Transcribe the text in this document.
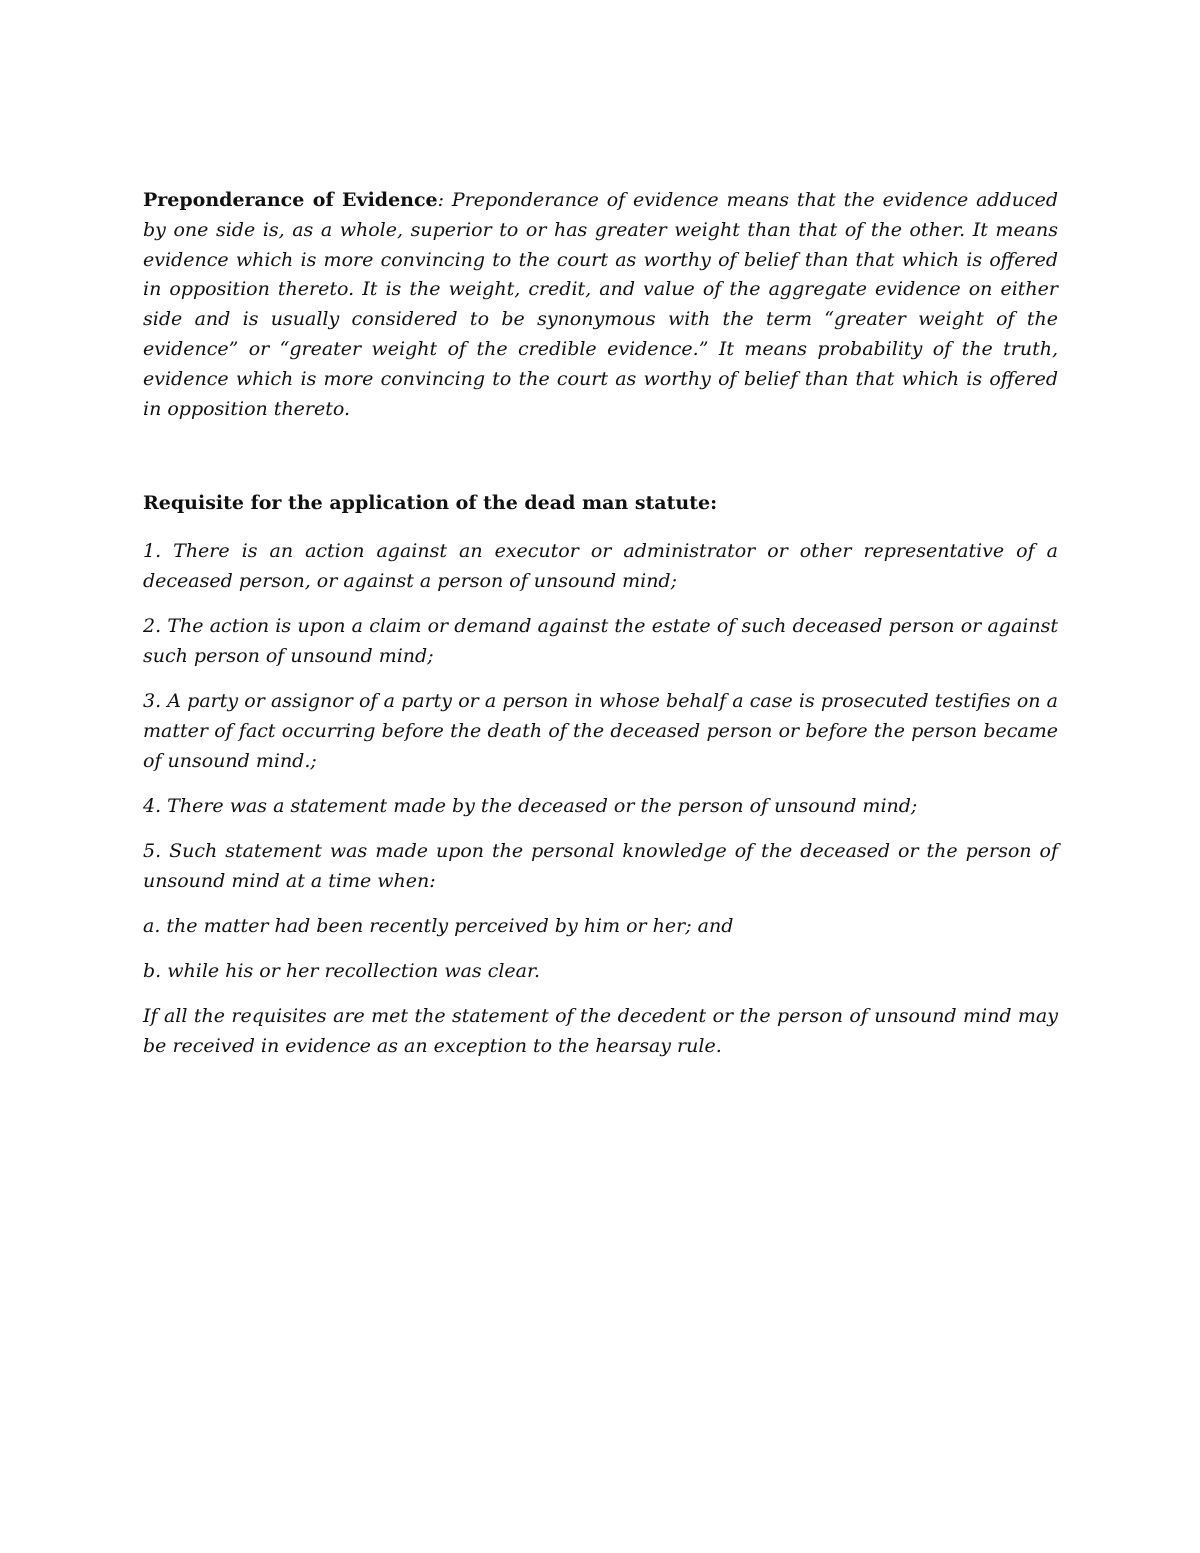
Preponderance of Evidence: Preponderance of evidence means that the evidence adduced by one side is, as a whole, superior to or has greater weight than that of the other. It means evidence which is more convincing to the court as worthy of belief than that which is offered in opposition thereto. It is the weight, credit, and value of the aggregate evidence on either side and is usually considered to be synonymous with the term “greater weight of the evidence” or “greater weight of the credible evidence.” It means probability of the truth, evidence which is more convincing to the court as worthy of belief than that which is offered in opposition thereto.

Requisite for the application of the dead man statute:

1. There is an action against an executor or administrator or other representative of a deceased person, or against a person of unsound mind;
2. The action is upon a claim or demand against the estate of such deceased person or against such person of unsound mind;
3. A party or assignor of a party or a person in whose behalf a case is prosecuted testifies on a matter of fact occurring before the death of the deceased person or before the person became of unsound mind.;
4. There was a statement made by the deceased or the person of unsound mind;
5. Such statement was made upon the personal knowledge of the deceased or the person of unsound mind at a time when:
a. the matter had been recently perceived by him or her; and
b. while his or her recollection was clear.

If all the requisites are met the statement of the decedent or the person of unsound mind may be received in evidence as an exception to the hearsay rule.
